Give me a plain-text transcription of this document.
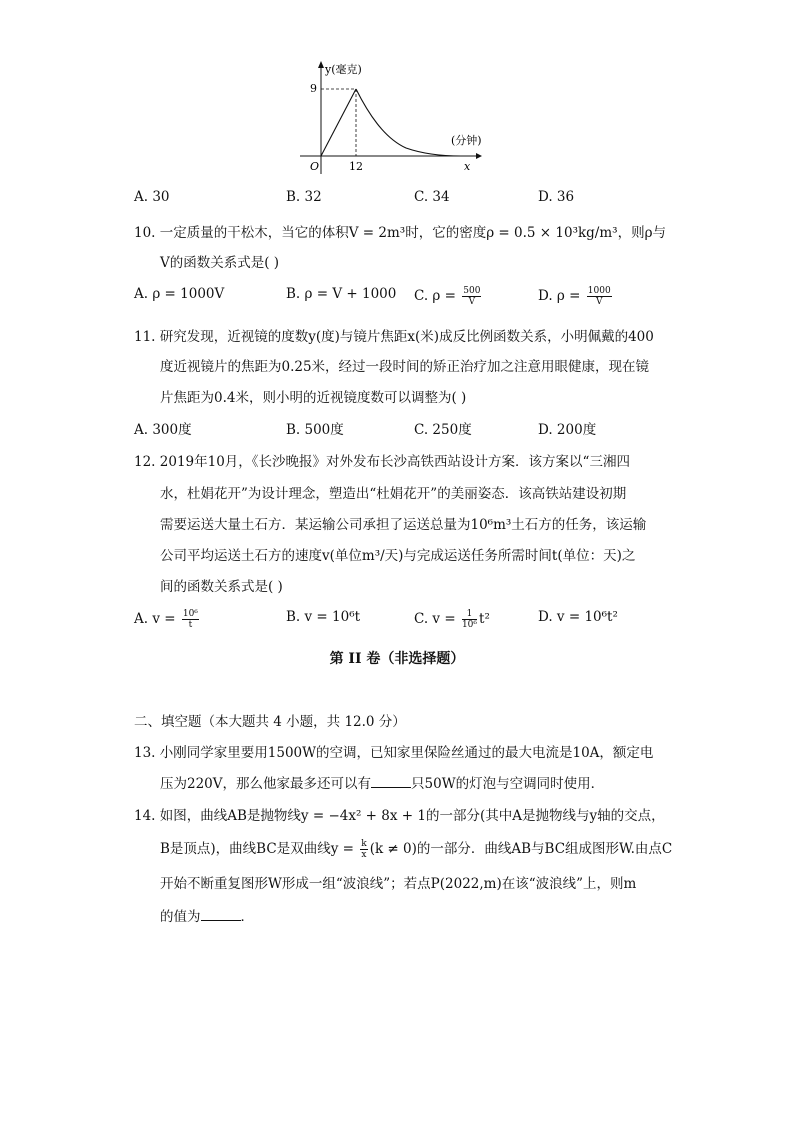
y(毫克)
x
(分钟)
O	12
9
A. 30	B. 32	C. 34	D. 36
10. 一定质量的干松木，当它的体积V = 2m³时，它的密度ρ = 0.5 × 10³kg/m³，则ρ与
V的函数关系式是( )
A. ρ = 1000V	B. ρ = V + 1000 C. $\rho = \frac{500}{V}$	D. $\rho = \frac{1000}{V}$
11. 研究发现，近视镜的度数y(度)与镜片焦距x(米)成反比例函数关系，小明佩戴的400
度近视镜片的焦距为0.25米，经过一段时间的矫正治疗加之注意用眼健康，现在镜
片焦距为0.4米，则小明的近视镜度数可以调整为( )
A. 300度	B. 500度	C. 250度	D. 200度
12. 2019年10月，《长沙晚报》对外发布长沙高铁西站设计方案．该方案以“三湘四
水，杜娟花开”为设计理念，塑造出“杜娟花开”的美丽姿态．该高铁站建设初期
需要运送大量土石方．某运输公司承担了运送总量为10⁶m³土石方的任务，该运输
公司平均运送土石方的速度v(单位m³/天)与完成运送任务所需时间t(单位：天)之
间的函数关系式是( )
A. $v = \frac{\text{10⁶}}{t}$	B. v = 10⁶t	C. $v = \frac{1}{\text{10⁶}} t^2$	D. v = 10⁶t²
第 II 卷（非选择题）
二、填空题（本大题共 4 小题，共 12.0 分）
13. 小刚同学家里要用1500W的空调，已知家里保险丝通过的最大电流是10A，额定电
压为220V，那么他家最多还可以有	只50W的灯泡与空调同时使用．
14. 如图，曲线AB是抛物线y = −4x² + 8x + 1的一部分(其中A是抛物线与y轴的交点，
B是顶点)，曲线BC是双曲线$y = \frac{k}{x} (k \ne 0)$的一部分．曲线AB与BC组成图形W.由点C
开始不断重复图形W形成一组“波浪线”；若点P(2022,m)在该“波浪线”上，则m
的值为	．
